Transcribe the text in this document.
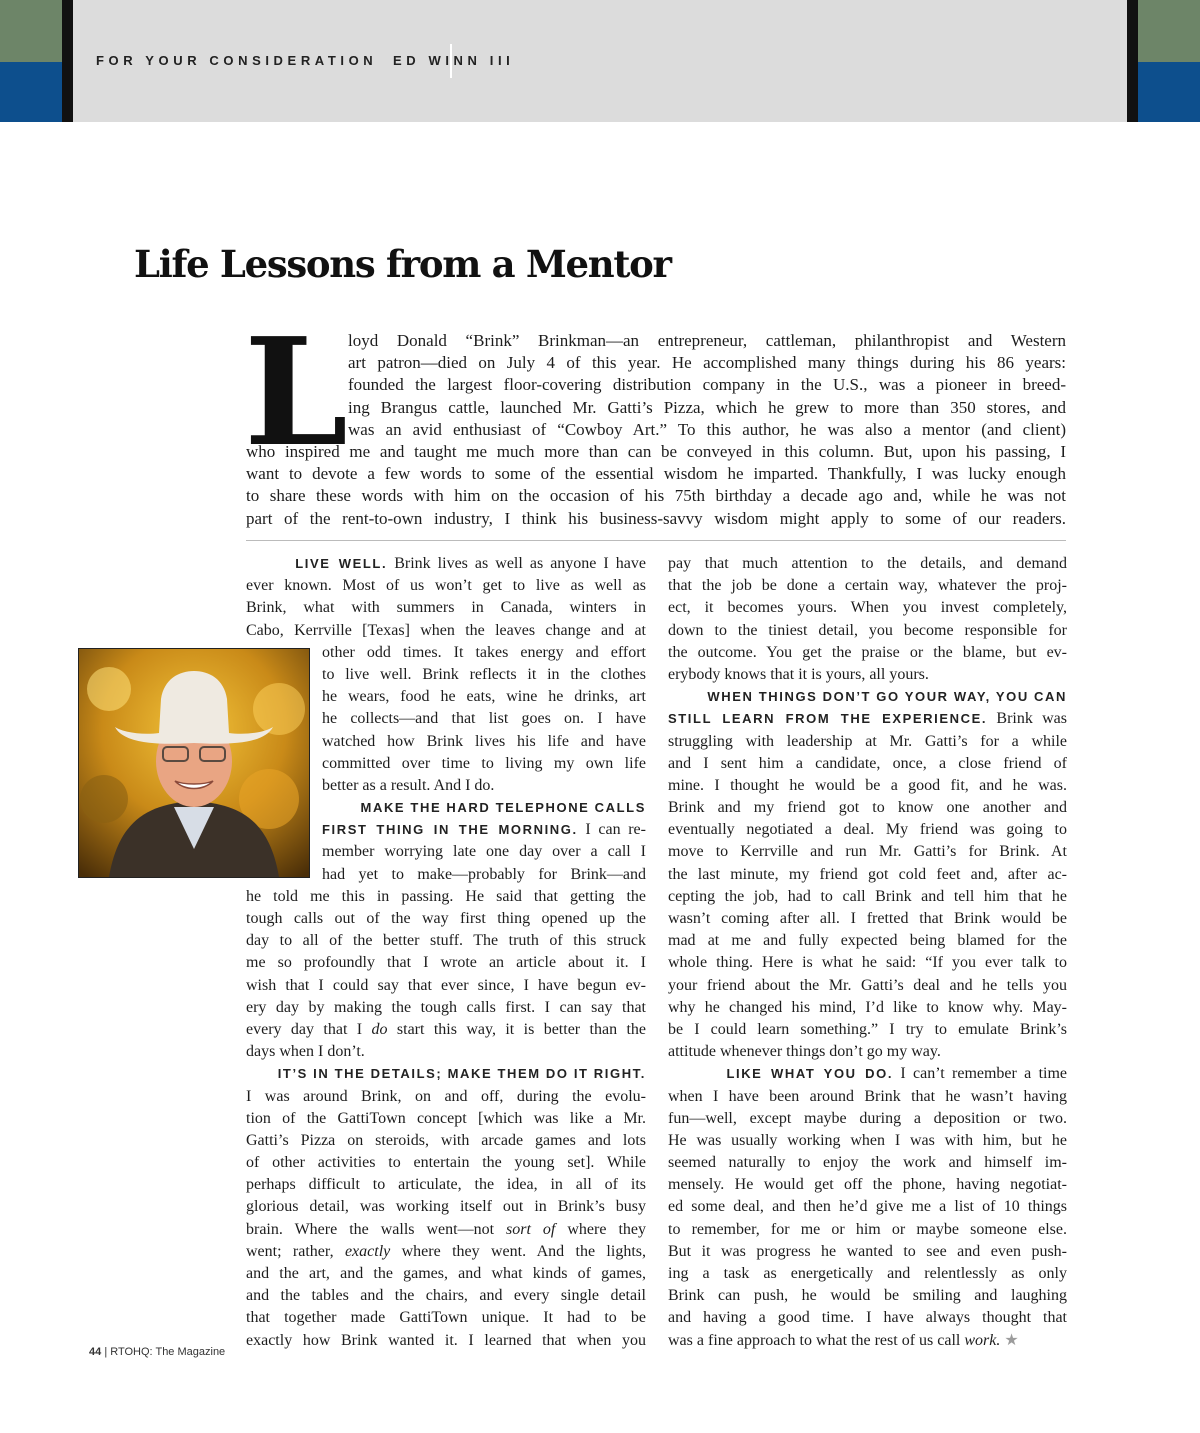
FOR YOUR CONSIDERATION ED WINN III
Life Lessons from a Mentor
L loyd Donald “Brink” Brinkman—an entrepreneur, cattleman, philanthropist and Western
art patron—died on July 4 of this year. He accomplished many things during his 86 years:
founded the largest floor-covering distribution company in the U.S., was a pioneer in breed-
ing Brangus cattle, launched Mr. Gatti’s Pizza, which he grew to more than 350 stores, and
was an avid enthusiast of “Cowboy Art.” To this author, he was also a mentor (and client)
who inspired me and taught me much more than can be conveyed in this column. But, upon his passing, I
want to devote a few words to some of the essential wisdom he imparted. Thankfully, I was lucky enough
to share these words with him on the occasion of his 75th birthday a decade ago and, while he was not
part of the rent-to-own industry, I think his business-savvy wisdom might apply to some of our readers.
LIVE WELL. Brink lives as well as anyone I have
ever known. Most of us won’t get to live as well as
Brink, what with summers in Canada, winters in
Cabo, Kerrville [Texas] when the leaves change and at
other odd times. It takes energy and effort
to live well. Brink reflects it in the clothes
he wears, food he eats, wine he drinks, art
he collects—and that list goes on. I have
watched how Brink lives his life and have
committed over time to living my own life
better as a result. And I do.
MAKE THE HARD TELEPHONE CALLS
FIRST THING IN THE MORNING. I can re-
member worrying late one day over a call I
had yet to make—probably for Brink—and
he told me this in passing. He said that getting the
tough calls out of the way first thing opened up the
day to all of the better stuff. The truth of this struck
me so profoundly that I wrote an article about it. I
wish that I could say that ever since, I have begun ev-
ery day by making the tough calls first. I can say that
every day that I do start this way, it is better than the
days when I don’t.
IT’S IN THE DETAILS; MAKE THEM DO IT RIGHT.
I was around Brink, on and off, during the evolu-
tion of the GattiTown concept [which was like a Mr.
Gatti’s Pizza on steroids, with arcade games and lots
of other activities to entertain the young set]. While
perhaps difficult to articulate, the idea, in all of its
glorious detail, was working itself out in Brink’s busy
brain. Where the walls went—not sort of where they
went; rather, exactly where they went. And the lights,
and the art, and the games, and what kinds of games,
and the tables and the chairs, and every single detail
that together made GattiTown unique. It had to be
exactly how Brink wanted it. I learned that when you
pay that much attention to the details, and demand
that the job be done a certain way, whatever the proj-
ect, it becomes yours. When you invest completely,
down to the tiniest detail, you become responsible for
the outcome. You get the praise or the blame, but ev-
erybody knows that it is yours, all yours.
WHEN THINGS DON’T GO YOUR WAY, YOU CAN
STILL LEARN FROM THE EXPERIENCE. Brink was
struggling with leadership at Mr. Gatti’s for a while
and I sent him a candidate, once, a close friend of
mine. I thought he would be a good fit, and he was.
Brink and my friend got to know one another and
eventually negotiated a deal. My friend was going to
move to Kerrville and run Mr. Gatti’s for Brink. At
the last minute, my friend got cold feet and, after ac-
cepting the job, had to call Brink and tell him that he
wasn’t coming after all. I fretted that Brink would be
mad at me and fully expected being blamed for the
whole thing. Here is what he said: “If you ever talk to
your friend about the Mr. Gatti’s deal and he tells you
why he changed his mind, I’d like to know why. May-
be I could learn something.” I try to emulate Brink’s
attitude whenever things don’t go my way.
LIKE WHAT YOU DO. I can’t remember a time
when I have been around Brink that he wasn’t having
fun—well, except maybe during a deposition or two.
He was usually working when I was with him, but he
seemed naturally to enjoy the work and himself im-
mensely. He would get off the phone, having negotiat-
ed some deal, and then he’d give me a list of 10 things
to remember, for me or him or maybe someone else.
But it was progress he wanted to see and even push-
ing a task as energetically and relentlessly as only
Brink can push, he would be smiling and laughing
and having a good time. I have always thought that
was a fine approach to what the rest of us call work. ★
44 | RTOHQ: The Magazine
